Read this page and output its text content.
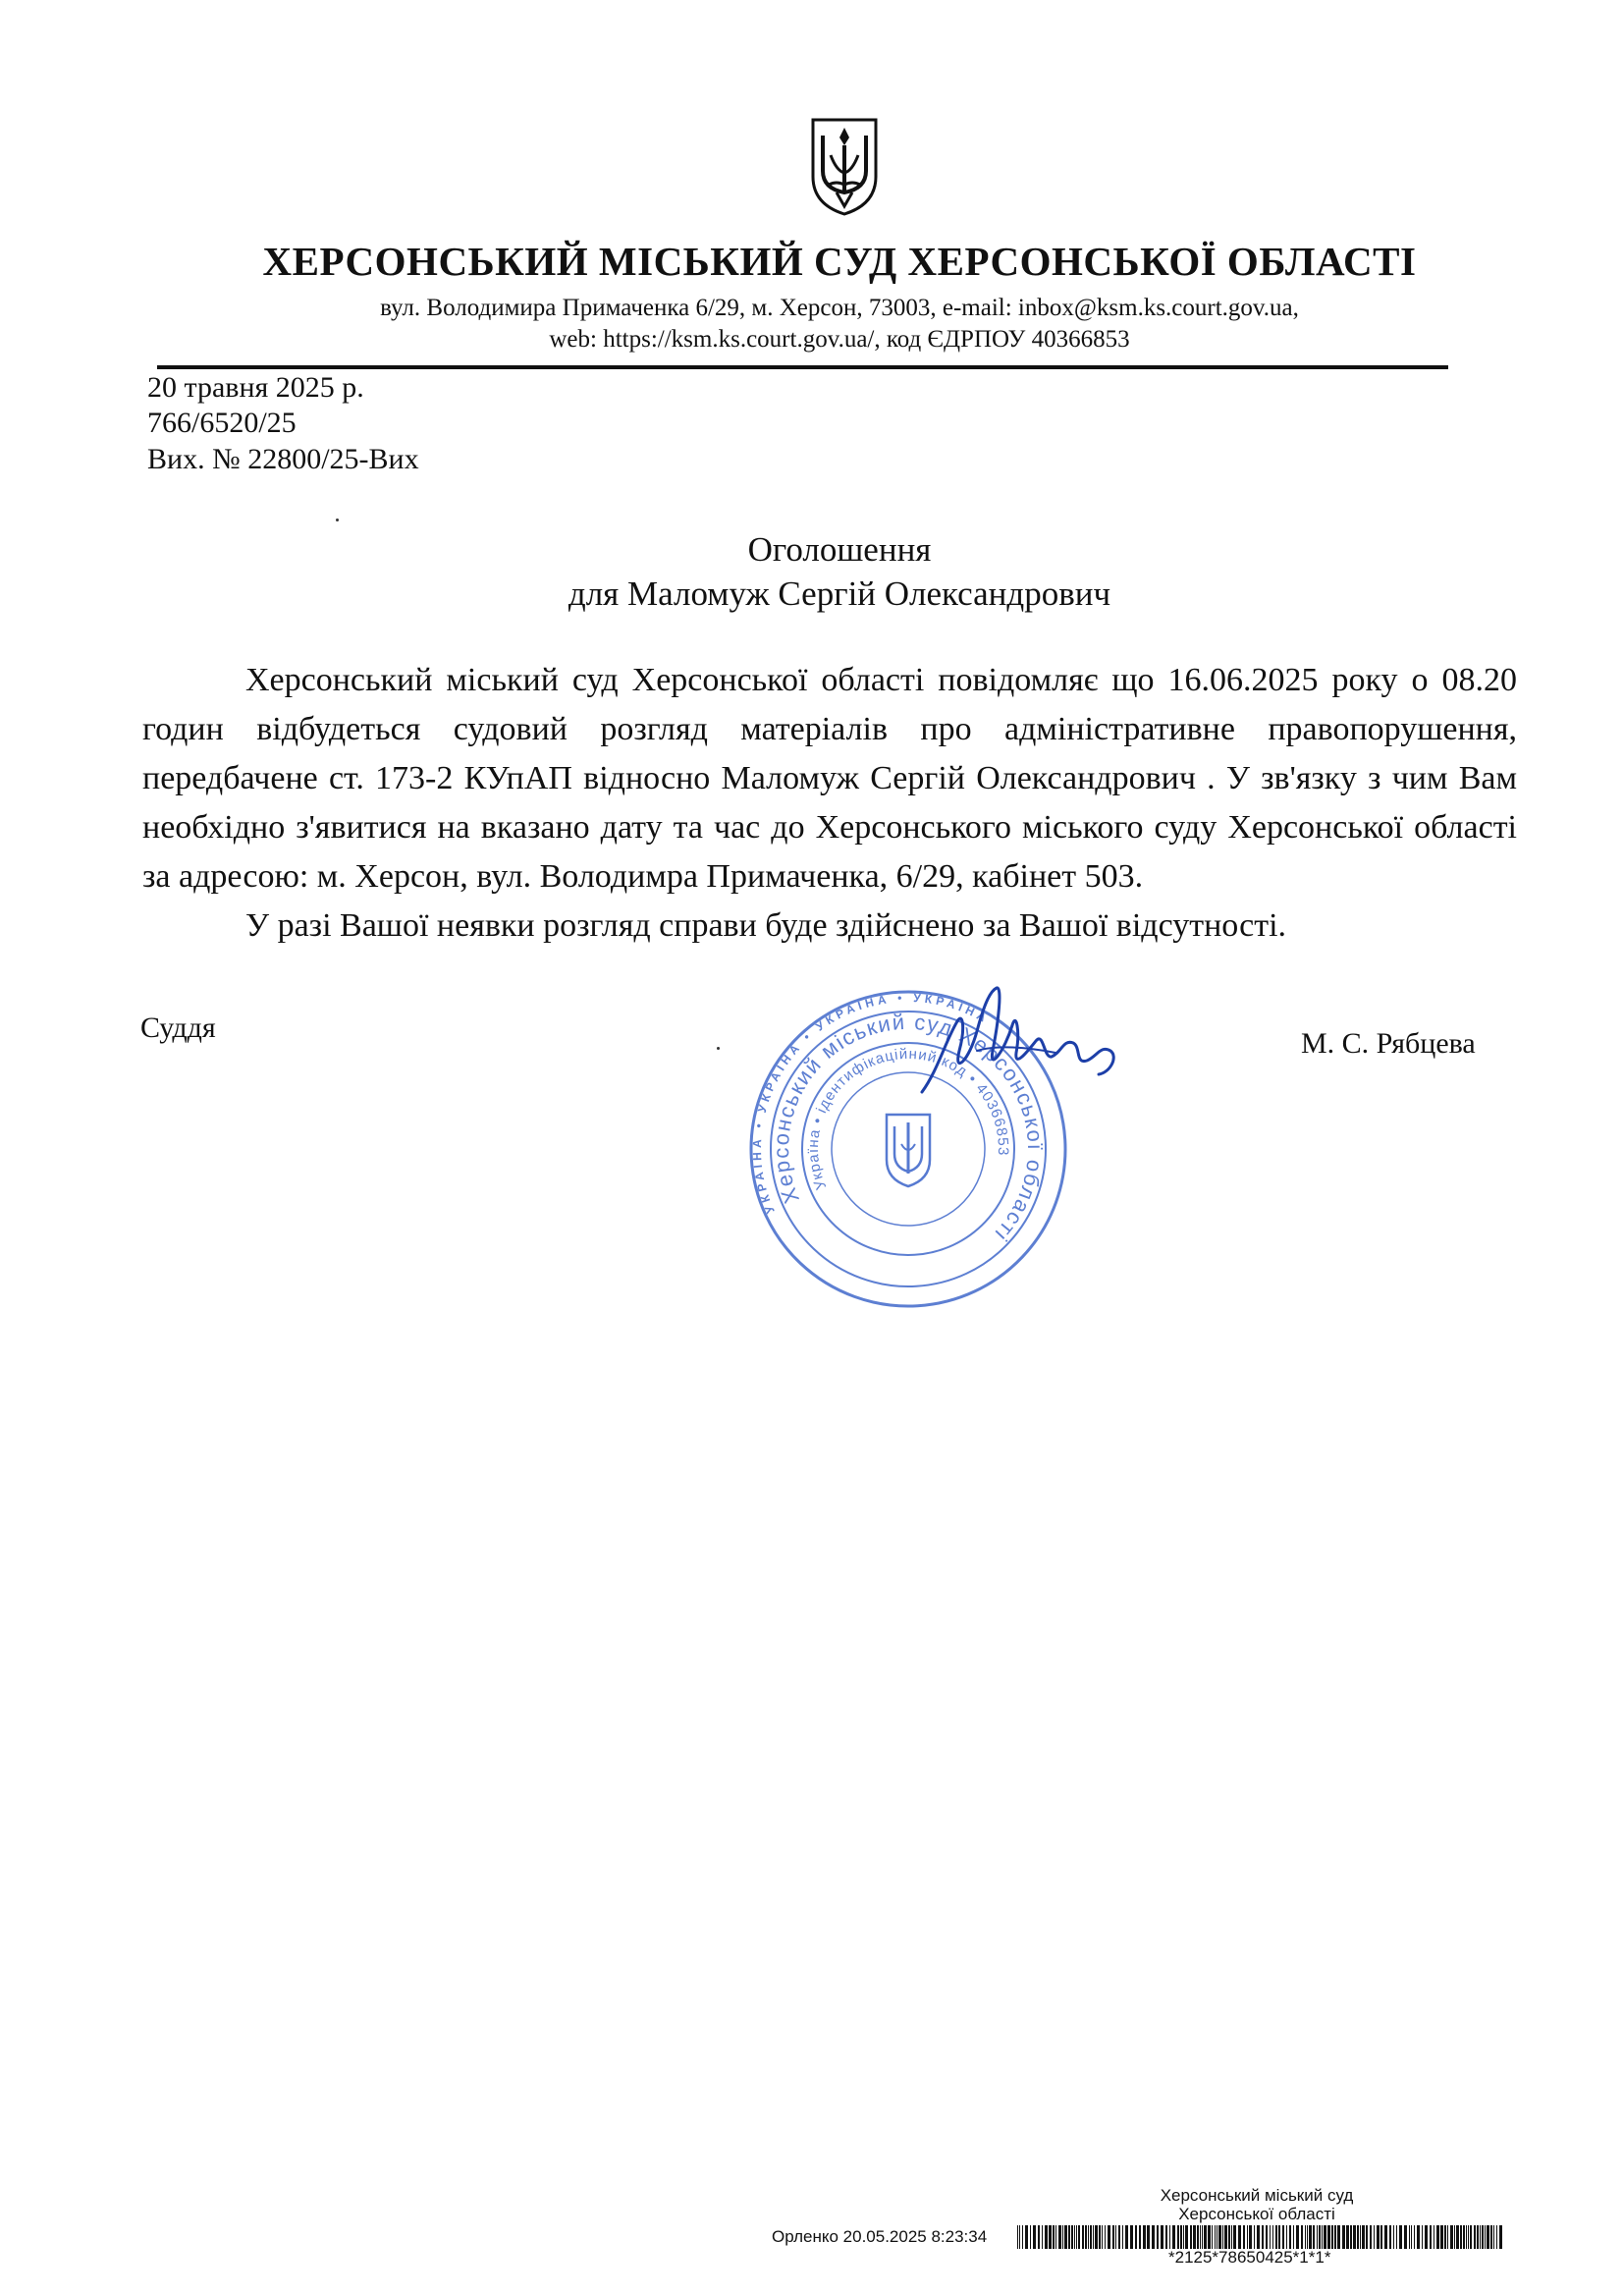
ХЕРСОНСЬКИЙ МІСЬКИЙ СУД ХЕРСОНСЬКОЇ ОБЛАСТІ
вул. Володимира Примаченка 6/29, м. Херсон, 73003, e-mail: inbox@ksm.ks.court.gov.ua,
web: https://ksm.ks.court.gov.ua/, код ЄДРПОУ 40366853
20 травня 2025 р.
766/6520/25
Вих. № 22800/25-Вих
Оголошення
для Маломуж Сергій Олександрович

Херсонський міський суд Херсонської області повідомляє що 16.06.2025 року о 08.20 годин відбудеться судовий розгляд матеріалів про адміністративне правопорушення, передбачене ст. 173-2 КУпАП відносно Маломуж Сергій Олександрович . У зв'язку з чим Вам необхідно з'явитися на вказано дату та час до Херсонського міського суду Херсонської області за адресою: м. Херсон, вул. Володимра Примаченка, 6/29, кабінет 503.

У разі Вашої неявки розгляд справи буде здійснено за Вашої відсутності.

Суддя	М. С. Рябцева
УКРАЇНА • УКРАЇНА • УКРАЇНА • УКРАЇНА
Херсонський міський суд Херсонської області
Україна • ідентифікаційний код • 40366853
Херсонський міський суд
Херсонської області
Орленко 20.05.2025 8:23:34
*2125*78650425*1*1*
